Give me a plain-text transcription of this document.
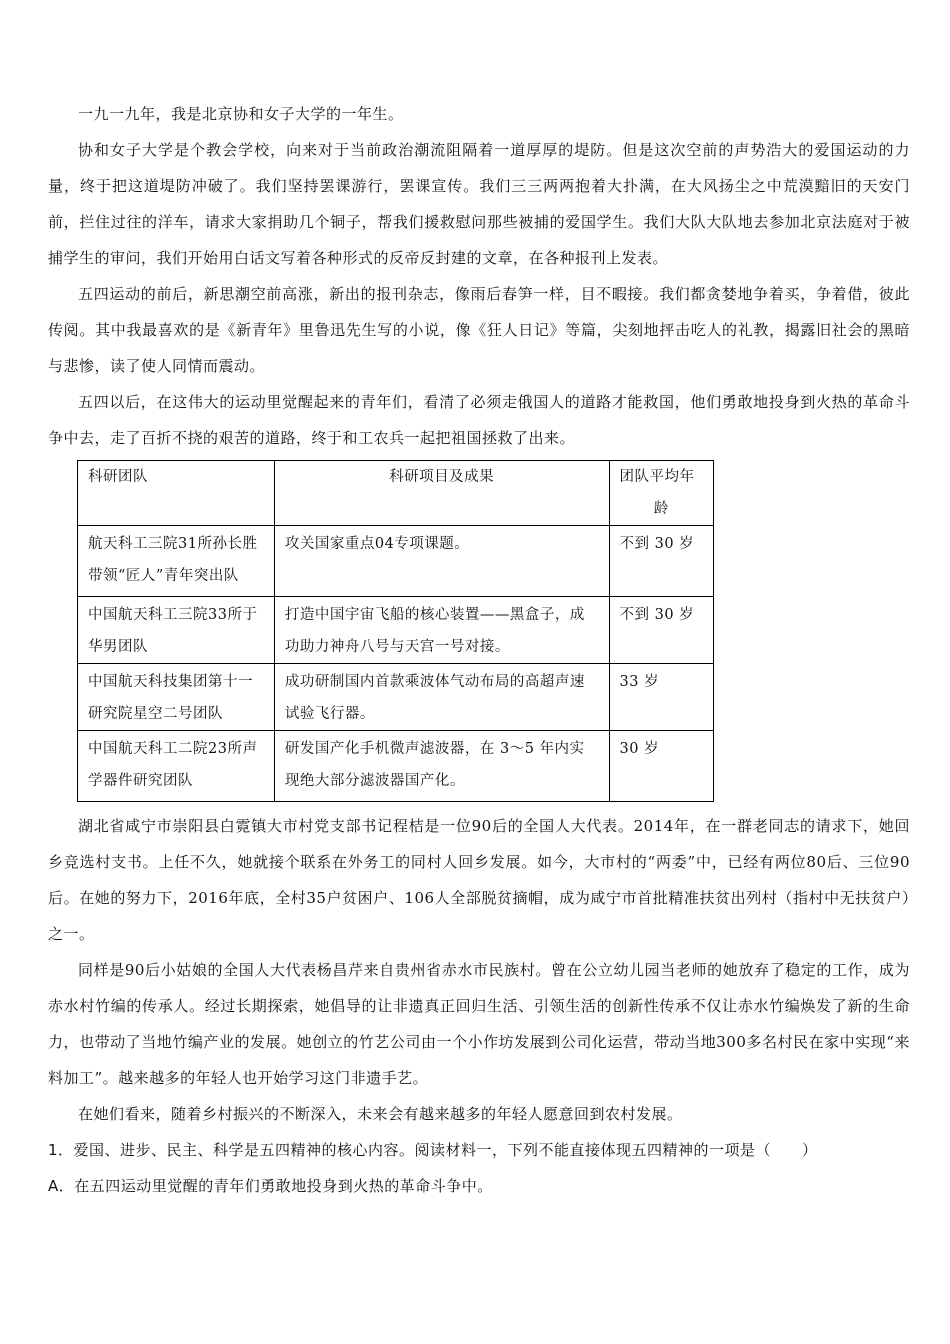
一九一九年，我是北京协和女子大学的一年生。

协和女子大学是个教会学校，向来对于当前政治潮流阻隔着一道厚厚的堤防。但是这次空前的声势浩大的爱国运动的力量，终于把这道堤防冲破了。我们坚持罢课游行，罢课宣传。我们三三两两抱着大扑满，在大风扬尘之中荒漠黯旧的天安门前，拦住过往的洋车，请求大家捐助几个铜子，帮我们援救慰问那些被捕的爱国学生。我们大队大队地去参加北京法庭对于被捕学生的审问，我们开始用白话文写着各种形式的反帝反封建的文章，在各种报刊上发表。

五四运动的前后，新思潮空前高涨，新出的报刊杂志，像雨后春笋一样，目不暇接。我们都贪婪地争着买，争着借，彼此传阅。其中我最喜欢的是《新青年》里鲁迅先生写的小说，像《狂人日记》等篇，尖刻地抨击吃人的礼教，揭露旧社会的黑暗与悲惨，读了使人同情而震动。

五四以后，在这伟大的运动里觉醒起来的青年们，看清了必须走俄国人的道路才能救国，他们勇敢地投身到火热的革命斗争中去，走了百折不挠的艰苦的道路，终于和工农兵一起把祖国拯救了出来。

科研团队	科研项目及成果	团队平均年
龄

航天科工三院31所孙长胜带领“匠人”青年突出队	攻关国家重点04专项课题。	不到 30 岁
中国航天科工三院33所于华男团队	打造中国宇宙飞船的核心装置——黑盒子，成功助力神舟八号与天宫一号对接。	不到 30 岁
中国航天科技集团第十一研究院星空二号团队	成功研制国内首款乘波体气动布局的高超声速试验飞行器。	33 岁
中国航天科工二院23所声学器件研究团队	研发国产化手机微声滤波器，在 3～5 年内实现绝大部分滤波器国产化。	30 岁

湖北省咸宁市崇阳县白霓镇大市村党支部书记程桔是一位90后的全国人大代表。2014年，在一群老同志的请求下，她回乡竞选村支书。上任不久，她就接个联系在外务工的同村人回乡发展。如今，大市村的“两委”中，已经有两位80后、三位90后。在她的努力下，2016年底，全村35户贫困户、106人全部脱贫摘帽，成为咸宁市首批精准扶贫出列村（指村中无扶贫户）之一。

同样是90后小姑娘的全国人大代表杨昌芹来自贵州省赤水市民族村。曾在公立幼儿园当老师的她放弃了稳定的工作，成为赤水村竹编的传承人。经过长期探索，她倡导的让非遗真正回归生活、引领生活的创新性传承不仅让赤水竹编焕发了新的生命力，也带动了当地竹编产业的发展。她创立的竹艺公司由一个小作坊发展到公司化运营，带动当地300多名村民在家中实现“来料加工”。越来越多的年轻人也开始学习这门非遗手艺。

在她们看来，随着乡村振兴的不断深入，未来会有越来越多的年轻人愿意回到农村发展。

1．爱国、进步、民主、科学是五四精神的核心内容。阅读材料一，下列不能直接体现五四精神的一项是（　　）

A．在五四运动里觉醒的青年们勇敢地投身到火热的革命斗争中。
